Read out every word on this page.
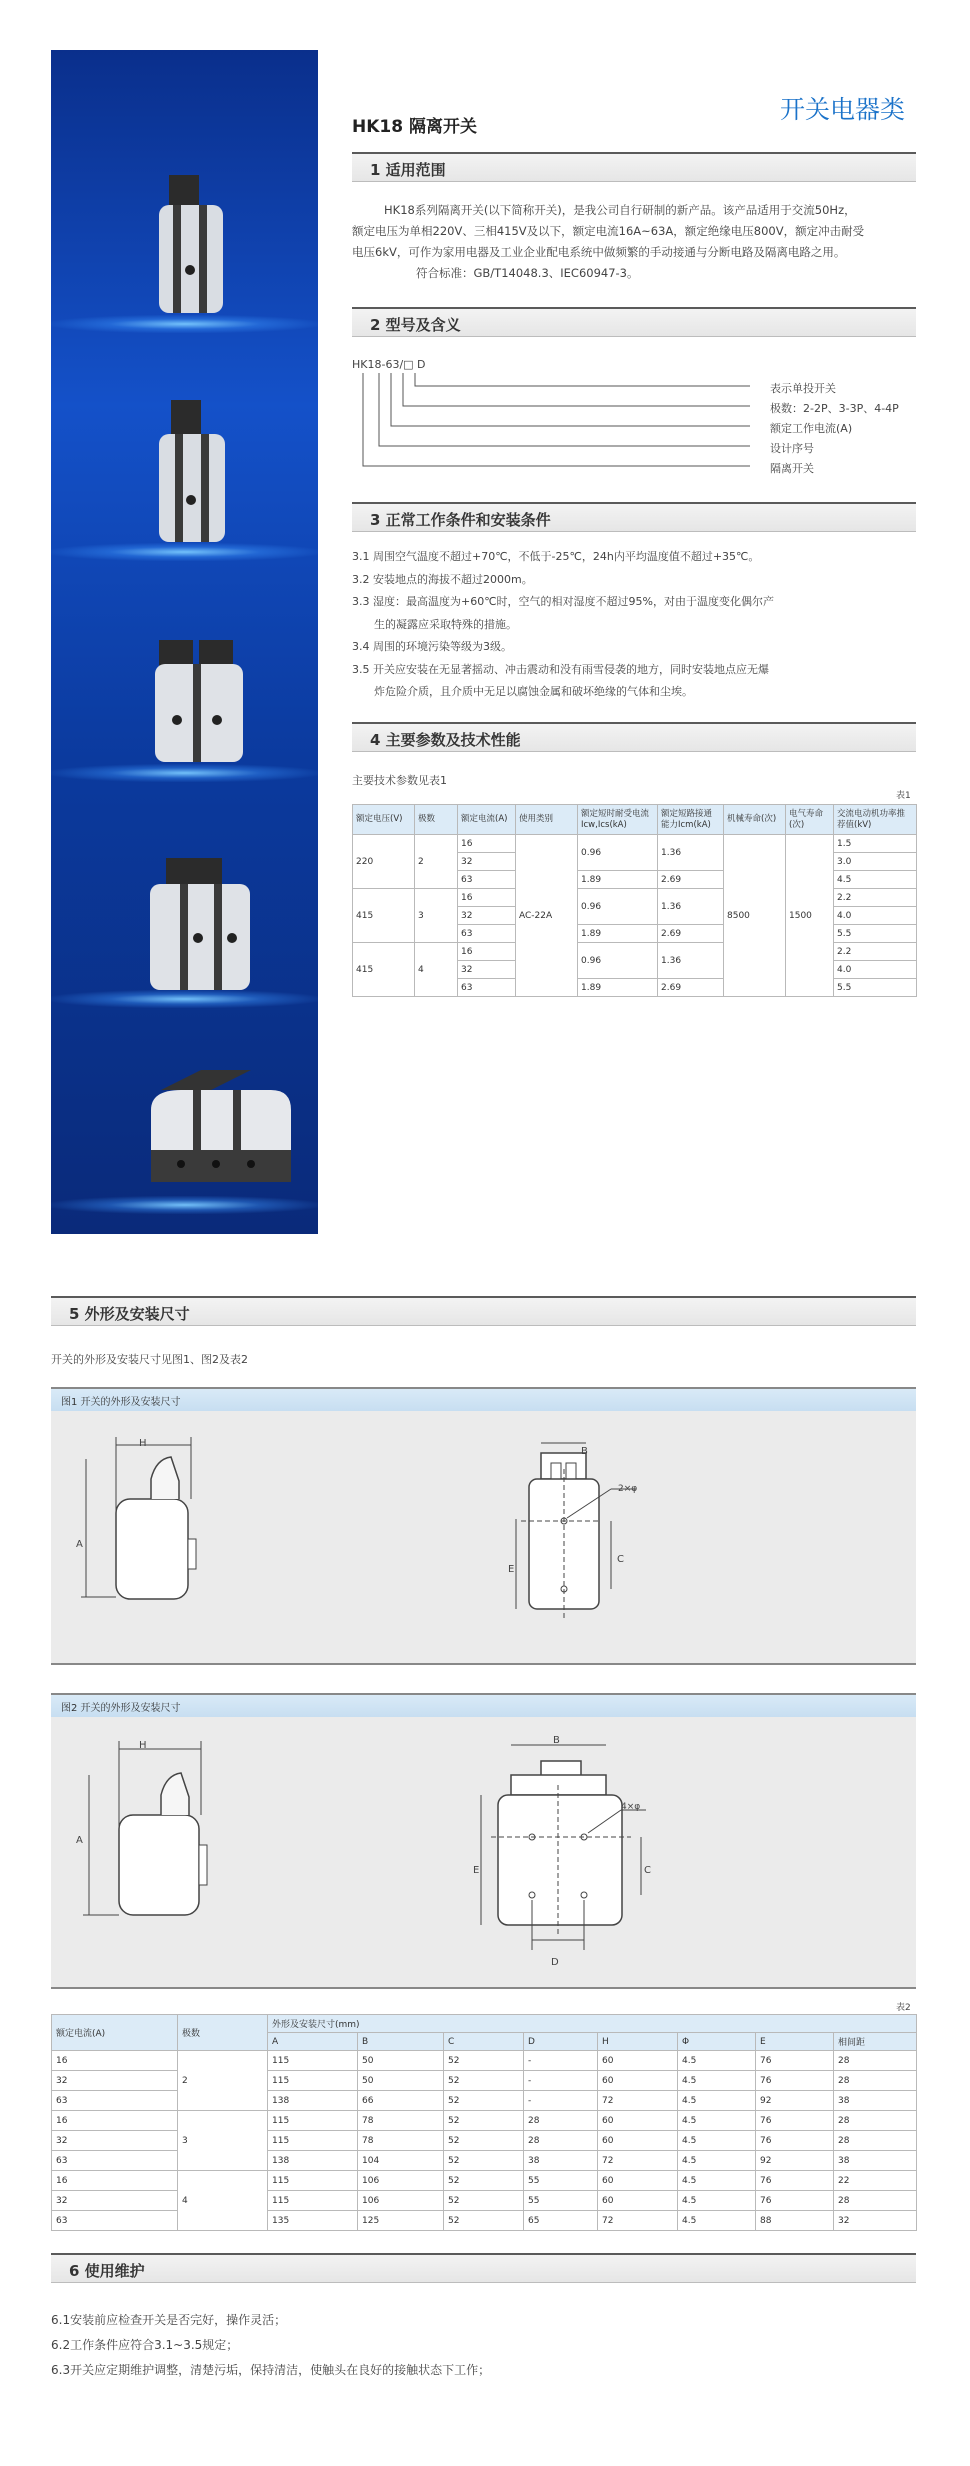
HK18 隔离开关
开关电器类
1 适用范围
HK18系列隔离开关(以下简称开关)，是我公司自行研制的新产品。该产品适用于交流50Hz，
额定电压为单相220V、三相415V及以下，额定电流16A~63A，额定绝缘电压800V，额定冲击耐受
电压6kV，可作为家用电器及工业企业配电系统中做频繁的手动接通与分断电路及隔离电路之用。
符合标准：GB/T14048.3、IEC60947-3。
2 型号及含义
HK18-63/□ D
表示单投开关
极数：2-2P、3-3P、4-4P
额定工作电流(A)
设计序号
隔离开关
3 正常工作条件和安装条件
3.1 周围空气温度不超过+70℃，不低于-25℃，24h内平均温度值不超过+35℃。
3.2 安装地点的海拔不超过2000m。
3.3 湿度：最高温度为+60℃时，空气的相对湿度不超过95%，对由于温度变化偶尔产
生的凝露应采取特殊的措施。
3.4 周围的环境污染等级为3级。
3.5 开关应安装在无显著摇动、冲击震动和没有雨雪侵袭的地方，同时安装地点应无爆
炸危险介质，且介质中无足以腐蚀金属和破坏绝缘的气体和尘埃。
4 主要参数及技术性能
主要技术参数见表1
表1
额定电压(V)	极数	额定电流(A)	使用类别	额定短时耐受电流Icw,Ics(kA)	额定短路接通能力Icm(kA)	机械寿命(次)	电气寿命(次)	交流电动机功率推荐值(kV)
220	2	16	AC-22A	0.96	1.36	8500	1500	1.5
		32						3.0
		63		1.89	2.69			4.5
415	3	16		0.96	1.36			2.2
		32						4.0
		63		1.89	2.69			5.5
415	4	16		0.96	1.36			2.2
		32						4.0
		63		1.89	2.69			5.5
5 外形及安装尺寸
开关的外形及安装尺寸见图1、图2及表2
图1 开关的外形及安装尺寸
H
A
B
2×φ
E
C
图2 开关的外形及安装尺寸
H
A
B
4×φ
E	C
D
表2
额定电流(A)	极数	外形及安装尺寸(mm)							
		A	B	C	D	H	Φ	E	相间距
16	2	115	50	52	-	60	4.5	76	28
32		115	50	52	-	60	4.5	76	28
63		138	66	52	-	72	4.5	92	38
16	3	115	78	52	28	60	4.5	76	28
32		115	78	52	28	60	4.5	76	28
63		138	104	52	38	72	4.5	92	38
16	4	115	106	52	55	60	4.5	76	22
32		115	106	52	55	60	4.5	76	28
63		135	125	52	65	72	4.5	88	32
6 使用维护
6.1安装前应检查开关是否完好，操作灵活；
6.2工作条件应符合3.1~3.5规定；
6.3开关应定期维护调整，清楚污垢，保持清洁，使触头在良好的接触状态下工作；
